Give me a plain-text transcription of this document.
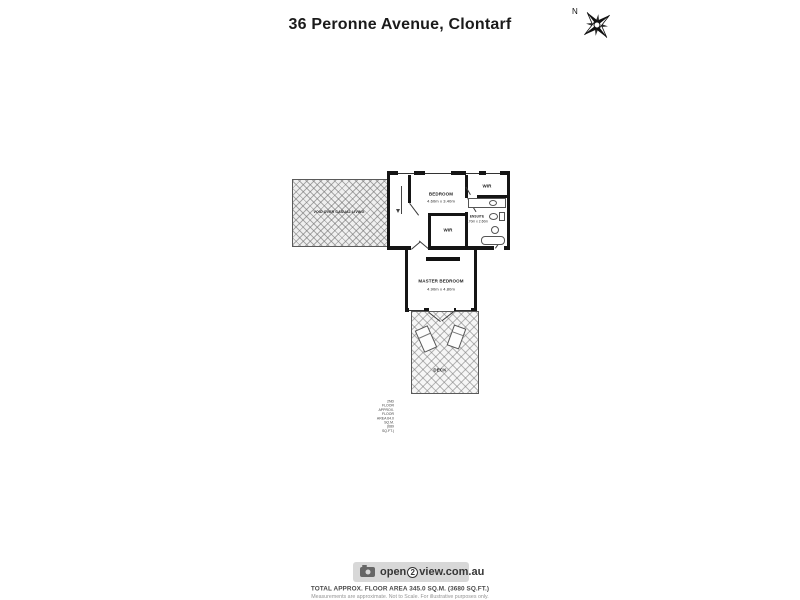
36 Peronne Avenue, Clontarf
N
VOID OVER CASUAL LIVING
BEDROOM
4.60m x 3.40m
WIR
WIR
ENSUITE
2.70m x 2.60m
MASTER BEDROOM
4.90m x 4.80m
DECK
2ND FLOOR
APPROX. FLOOR
AREA 64.0 SQ.M.
(689 SQ.FT.)
open 2 view.com.au
TOTAL APPROX. FLOOR AREA 345.0 SQ.M. (3680 SQ.FT.)
Measurements are approximate. Not to Scale. For illustrative purposes only.
